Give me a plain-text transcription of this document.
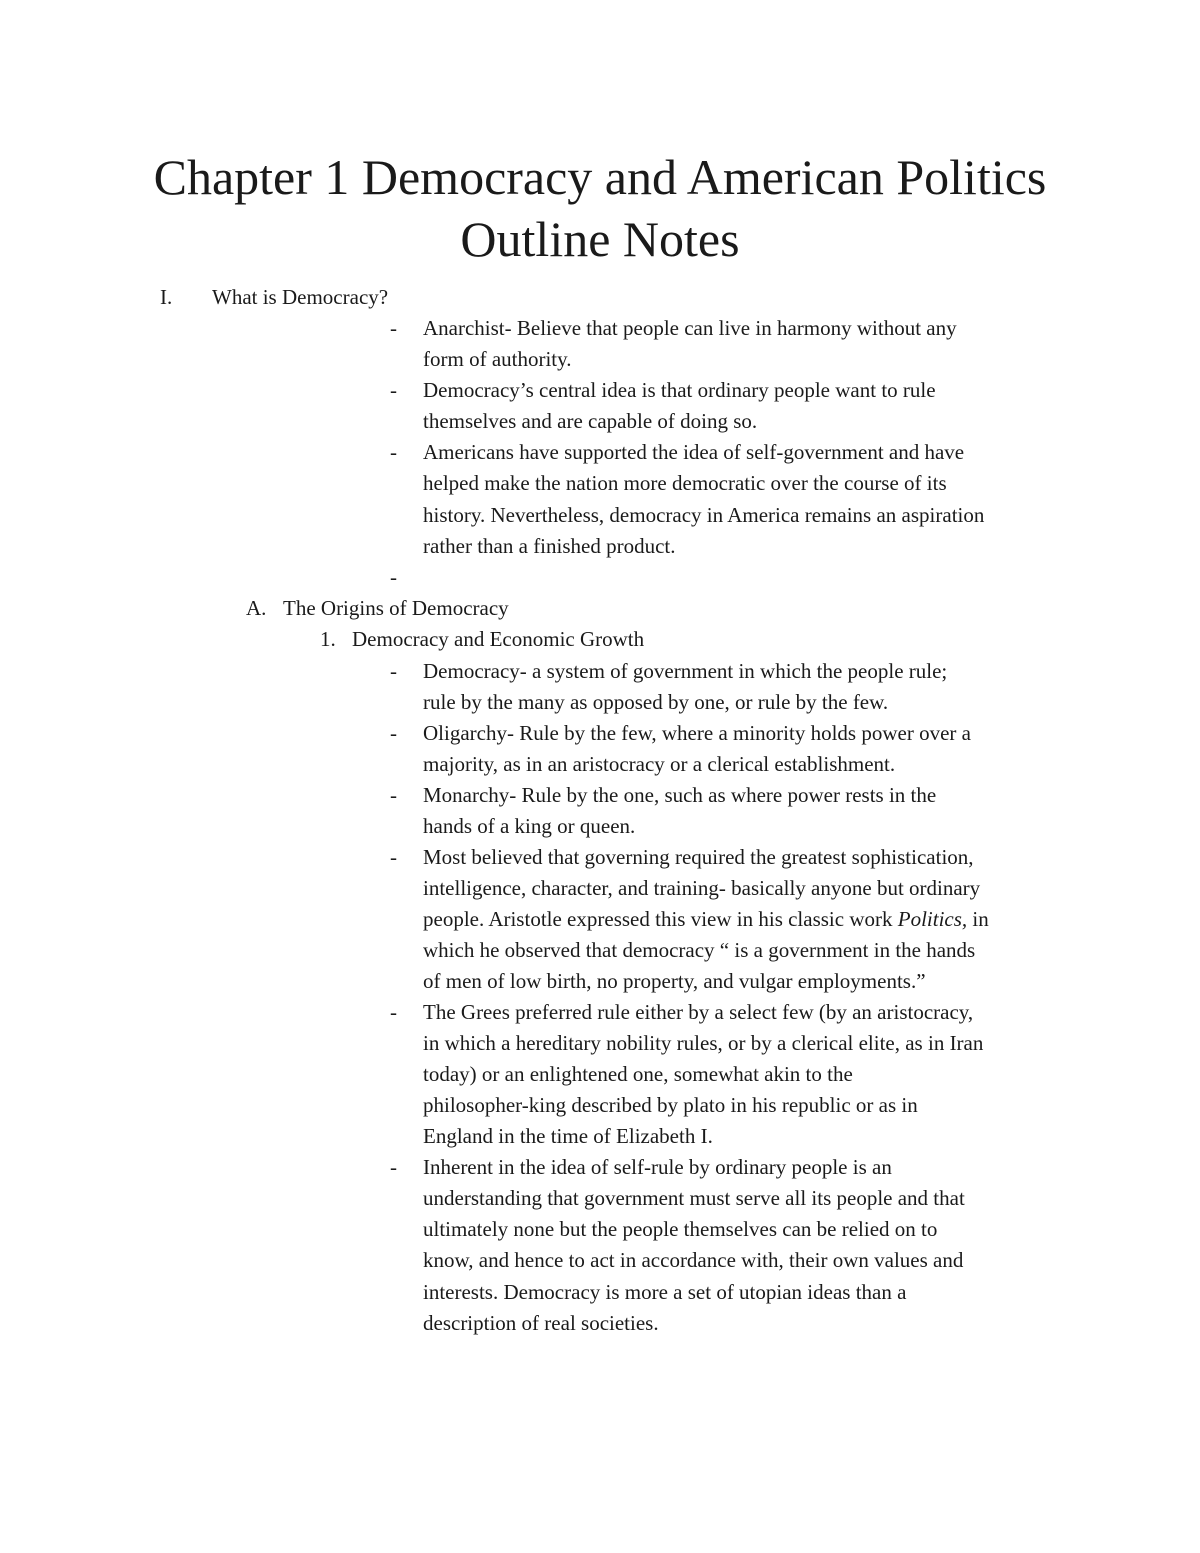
Chapter 1 Democracy and American Politics
Outline Notes
I. What is Democracy?
- Anarchist- Believe that people can live in harmony without any
form of authority.
- Democracy’s central idea is that ordinary people want to rule
themselves and are capable of doing so.
- Americans have supported the idea of self-government and have
helped make the nation more democratic over the course of its
history. Nevertheless, democracy in America remains an aspiration
rather than a finished product.
-
A. The Origins of Democracy
1. Democracy and Economic Growth
- Democracy- a system of government in which the people rule;
rule by the many as opposed by one, or rule by the few.
- Oligarchy- Rule by the few, where a minority holds power over a
majority, as in an aristocracy or a clerical establishment.
- Monarchy- Rule by the one, such as where power rests in the
hands of a king or queen.
- Most believed that governing required the greatest sophistication,
intelligence, character, and training- basically anyone but ordinary
people. Aristotle expressed this view in his classic work Politics, in
which he observed that democracy “ is a government in the hands
of men of low birth, no property, and vulgar employments.”
- The Grees preferred rule either by a select few (by an aristocracy,
in which a hereditary nobility rules, or by a clerical elite, as in Iran
today) or an enlightened one, somewhat akin to the
philosopher-king described by plato in his republic or as in
England in the time of Elizabeth I.
- Inherent in the idea of self-rule by ordinary people is an
understanding that government must serve all its people and that
ultimately none but the people themselves can be relied on to
know, and hence to act in accordance with, their own values and
interests. Democracy is more a set of utopian ideas than a
description of real societies.
